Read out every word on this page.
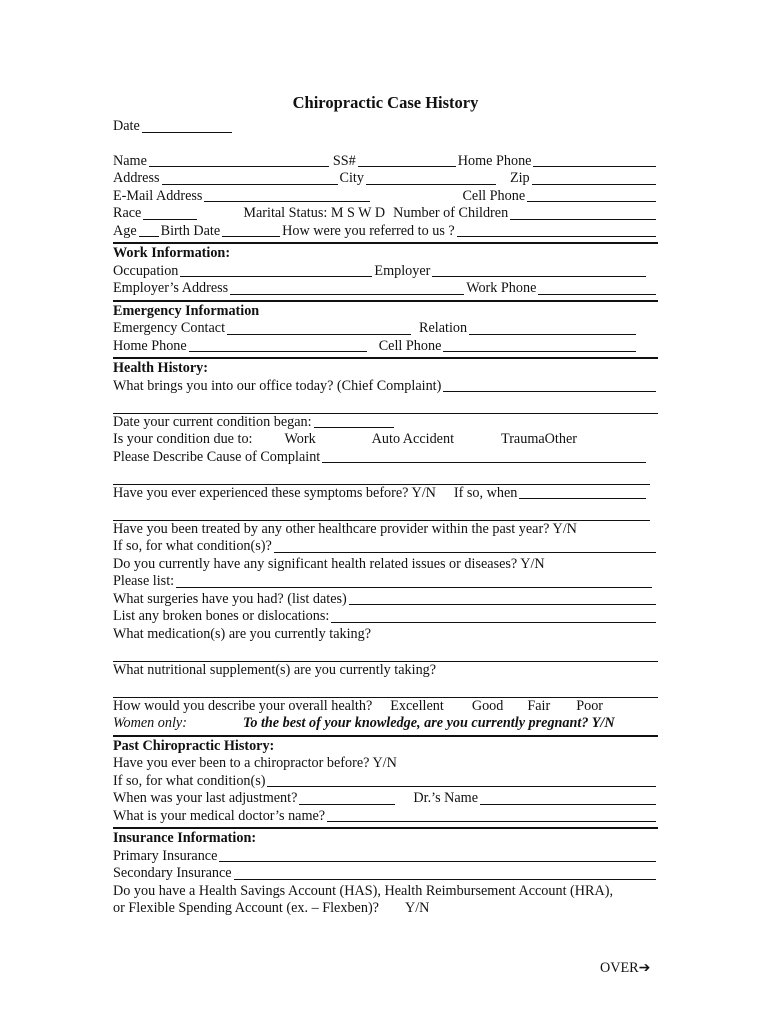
Chiropractic Case History
Date
Name	SS#	Home Phone
Address	City	Zip
E-Mail Address	Cell Phone
Race	Marital Status: M S W D Number of Children
Age Birth Date	How were you referred to us ?
Work Information:
Occupation	Employer
Employer’s Address	Work Phone
Emergency Information
Emergency Contact	Relation
Home Phone	Cell Phone
Health History:
What brings you into our office today? (Chief Complaint)
Date your current condition began:
Is your condition due to: Work	Auto Accident	Trauma Other
Please Describe Cause of Complaint
Have you ever experienced these symptoms before? Y/N If so, when
Have you been treated by any other healthcare provider within the past year? Y/N
If so, for what condition(s)?
Do you currently have any significant health related issues or diseases? Y/N
Please list:
What surgeries have you had? (list dates)
List any broken bones or dislocations:
What medication(s) are you currently taking?
What nutritional supplement(s) are you currently taking?
How would you describe your overall health? Excellent Good Fair Poor
Women only:	To the best of your knowledge, are you currently pregnant? Y/N
Past Chiropractic History:
Have you ever been to a chiropractor before? Y/N
If so, for what condition(s)
When was your last adjustment?	Dr.’s Name
What is your medical doctor’s name?
Insurance Information:
Primary Insurance
Secondary Insurance
Do you have a Health Savings Account (HAS), Health Reimbursement Account (HRA),
or Flexible Spending Account (ex. – Flexben)? Y/N
OVER➔
